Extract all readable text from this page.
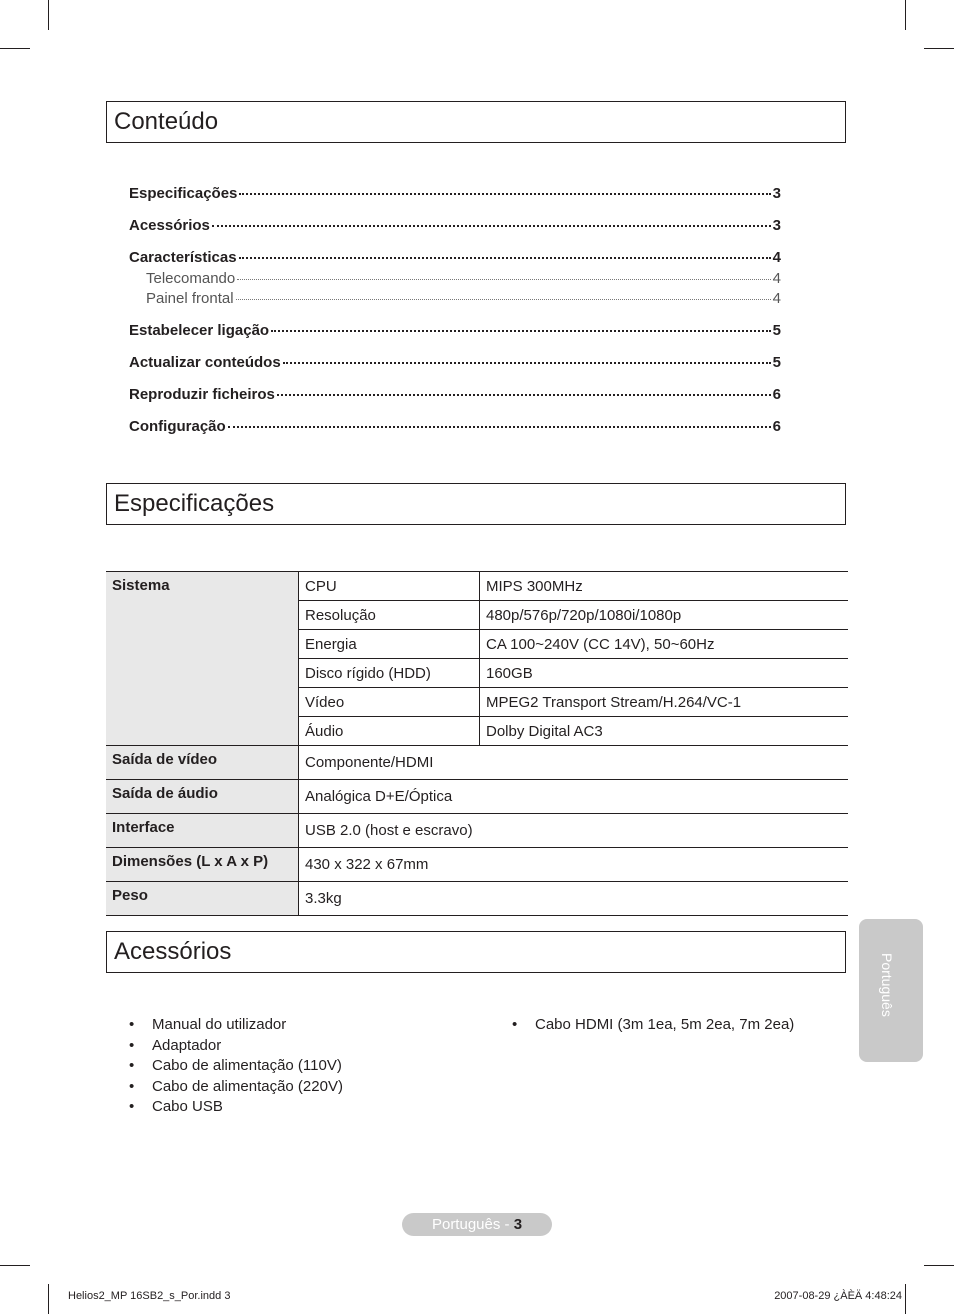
Conteúdo
Especificações	3
Acessórios	3
Características	4
Telecomando	4
Painel frontal	4
Estabelecer ligação	5
Actualizar conteúdos	5
Reproduzir ficheiros	6
Configuração	6
Especificações
Sistema	CPU	MIPS 300MHz
	Resolução	480p/576p/720p/1080i/1080p
	Energia	CA 100~240V (CC 14V), 50~60Hz
	Disco rígido (HDD)	160GB
	Vídeo	MPEG2 Transport Stream/H.264/VC-1
	Áudio	Dolby Digital AC3
Saída de vídeo	Componente/HDMI	
Saída de áudio	Analógica D+E/Óptica	
Interface	USB 2.0 (host e escravo)	
Dimensões (L x A x P)	430 x 322 x 67mm	
Peso	3.3kg	
Acessórios
• Manual do utilizador
• Adaptador
• Cabo de alimentação (110V)
• Cabo de alimentação (220V)
• Cabo USB
• Cabo HDMI (3m 1ea, 5m 2ea, 7m 2ea)
Português
Português - 3
Helios2_MP 16SB2_s_Por.indd 3	2007-08-29 ¿ÀÈÄ 4:48:24
